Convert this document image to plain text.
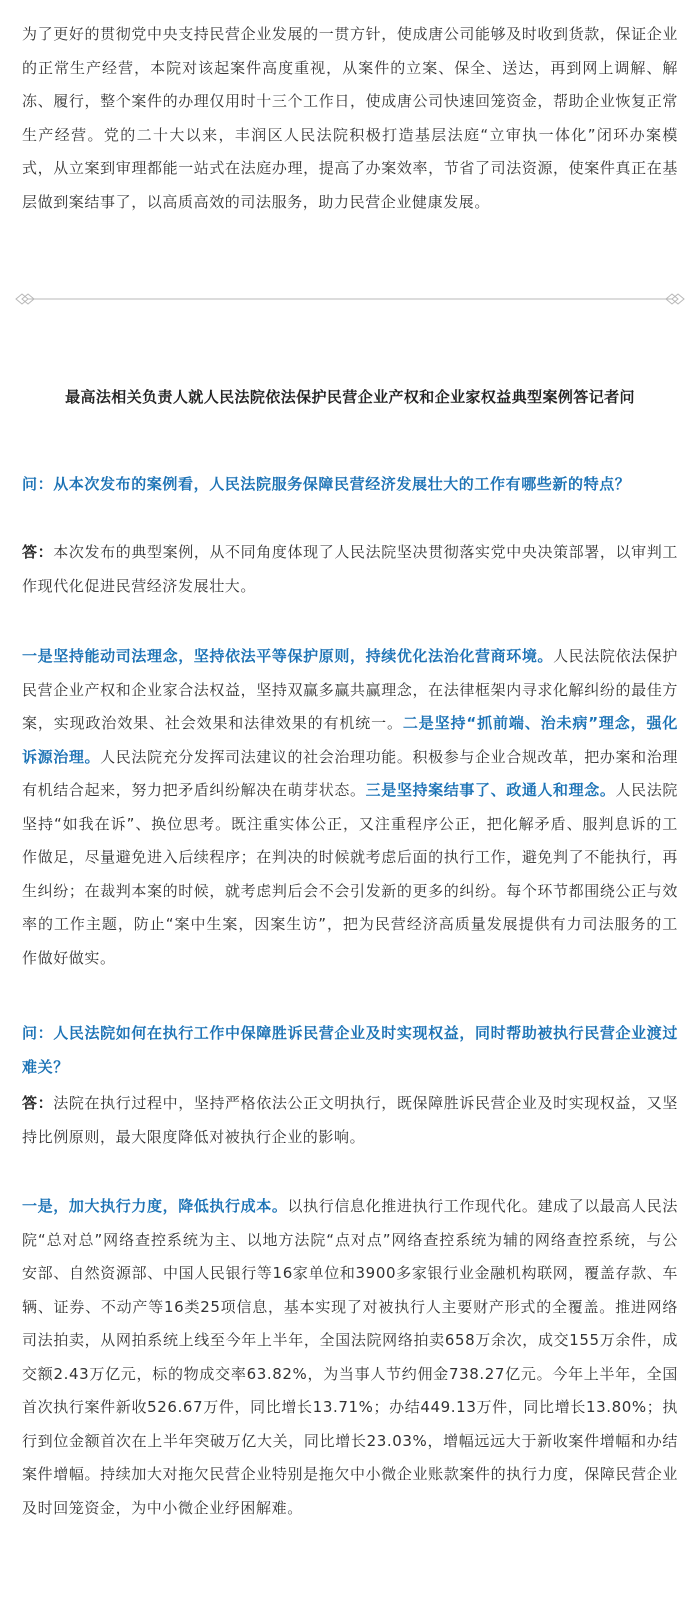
为了更好的贯彻党中央支持民营企业发展的一贯方针，使成唐公司能够及时收到货款，保证企业的正常生产经营，本院对该起案件高度重视，从案件的立案、保全、送达，再到网上调解、解冻、履行，整个案件的办理仅用时十三个工作日，使成唐公司快速回笼资金，帮助企业恢复正常生产经营。党的二十大以来，丰润区人民法院积极打造基层法庭“立审执一体化”闭环办案模式，从立案到审理都能一站式在法庭办理，提高了办案效率，节省了司法资源，使案件真正在基层做到案结事了，以高质高效的司法服务，助力民营企业健康发展。

最高法相关负责人就人民法院依法保护民营企业产权和企业家权益典型案例答记者问

问：从本次发布的案例看，人民法院服务保障民营经济发展壮大的工作有哪些新的特点？

答：本次发布的典型案例，从不同角度体现了人民法院坚决贯彻落实党中央决策部署，以审判工作现代化促进民营经济发展壮大。

一是坚持能动司法理念，坚持依法平等保护原则，持续优化法治化营商环境。人民法院依法保护民营企业产权和企业家合法权益，坚持双赢多赢共赢理念，在法律框架内寻求化解纠纷的最佳方案，实现政治效果、社会效果和法律效果的有机统一。二是坚持“抓前端、治未病”理念，强化诉源治理。人民法院充分发挥司法建议的社会治理功能。积极参与企业合规改革，把办案和治理有机结合起来，努力把矛盾纠纷解决在萌芽状态。三是坚持案结事了、政通人和理念。人民法院坚持“如我在诉”、换位思考。既注重实体公正，又注重程序公正，把化解矛盾、服判息诉的工作做足，尽量避免进入后续程序；在判决的时候就考虑后面的执行工作，避免判了不能执行，再生纠纷；在裁判本案的时候，就考虑判后会不会引发新的更多的纠纷。每个环节都围绕公正与效率的工作主题，防止“案中生案，因案生访”，把为民营经济高质量发展提供有力司法服务的工作做好做实。

问：人民法院如何在执行工作中保障胜诉民营企业及时实现权益，同时帮助被执行民营企业渡过难关？

答：法院在执行过程中，坚持严格依法公正文明执行，既保障胜诉民营企业及时实现权益，又坚持比例原则，最大限度降低对被执行企业的影响。

一是，加大执行力度，降低执行成本。以执行信息化推进执行工作现代化。建成了以最高人民法院“总对总”网络查控系统为主、以地方法院“点对点”网络查控系统为辅的网络查控系统，与公安部、自然资源部、中国人民银行等16家单位和3900多家银行业金融机构联网，覆盖存款、车辆、证券、不动产等16类25项信息，基本实现了对被执行人主要财产形式的全覆盖。推进网络司法拍卖，从网拍系统上线至今年上半年，全国法院网络拍卖658万余次，成交155万余件，成交额2.43万亿元，标的物成交率63.82%，为当事人节约佣金738.27亿元。今年上半年，全国首次执行案件新收526.67万件，同比增长13.71%；办结449.13万件，同比增长13.80%；执行到位金额首次在上半年突破万亿大关，同比增长23.03%，增幅远远大于新收案件增幅和办结案件增幅。持续加大对拖欠民营企业特别是拖欠中小微企业账款案件的执行力度，保障民营企业及时回笼资金，为中小微企业纾困解难。
